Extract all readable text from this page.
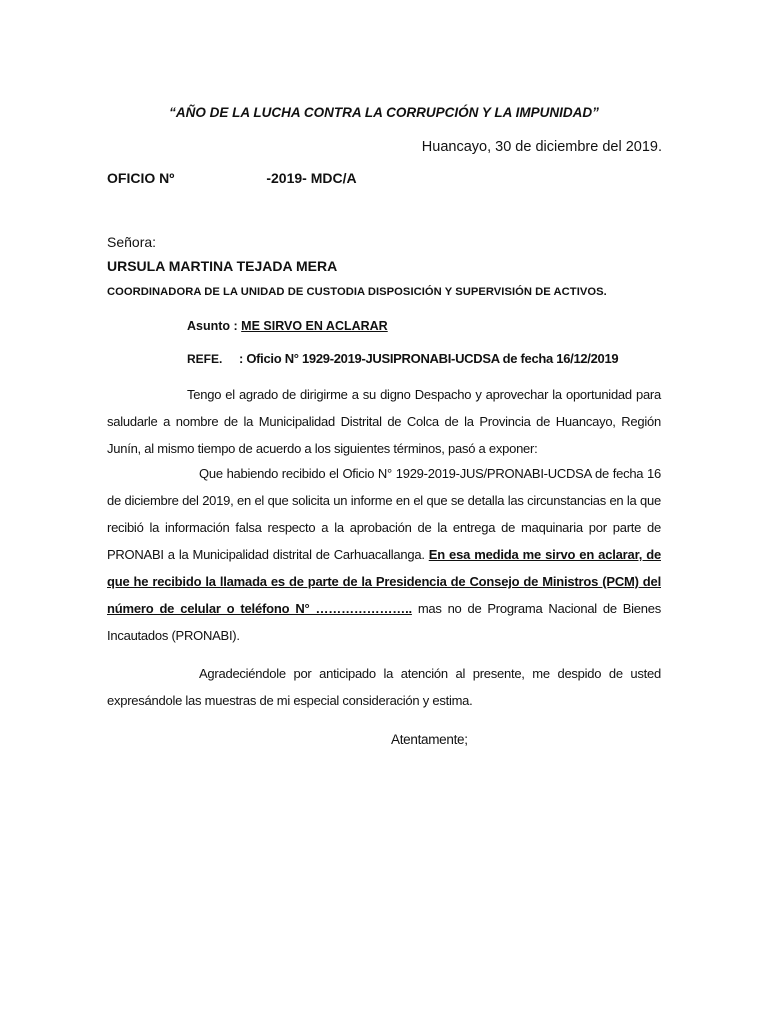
“AÑO DE LA LUCHA CONTRA LA CORRUPCIÓN Y LA IMPUNIDAD”
Huancayo, 30 de diciembre del 2019.
OFICIO Nº	-2019- MDC/A
Señora:
URSULA MARTINA TEJADA MERA
COORDINADORA DE LA UNIDAD DE CUSTODIA DISPOSICIÓN Y SUPERVISIÓN DE ACTIVOS.
Asunto : ME SIRVO EN ACLARAR
REFE. : Oficio N° 1929-2019-JUSIPRONABI-UCDSA de fecha 16/12/2019

Tengo el agrado de dirigirme a su digno Despacho y aprovechar la oportunidad para saludarle a nombre de la Municipalidad Distrital de Colca de la Provincia de Huancayo, Región Junín, al mismo tiempo de acuerdo a los siguientes términos, pasó a exponer:

Que habiendo recibido el Oficio N° 1929-2019-JUS/PRONABI-UCDSA de fecha 16 de diciembre del 2019, en el que solicita un informe en el que se detalla las circunstancias en la que recibió la información falsa respecto a la aprobación de la entrega de maquinaria por parte de PRONABI a la Municipalidad distrital de Carhuacallanga. En esa medida me sirvo en aclarar, de que he recibido la llamada es de parte de la Presidencia de Consejo de Ministros (PCM) del número de celular o teléfono N° ………………….. mas no de Programa Nacional de Bienes Incautados (PRONABI).

Agradeciéndole por anticipado la atención al presente, me despido de usted expresándole las muestras de mi especial consideración y estima.

Atentamente;
